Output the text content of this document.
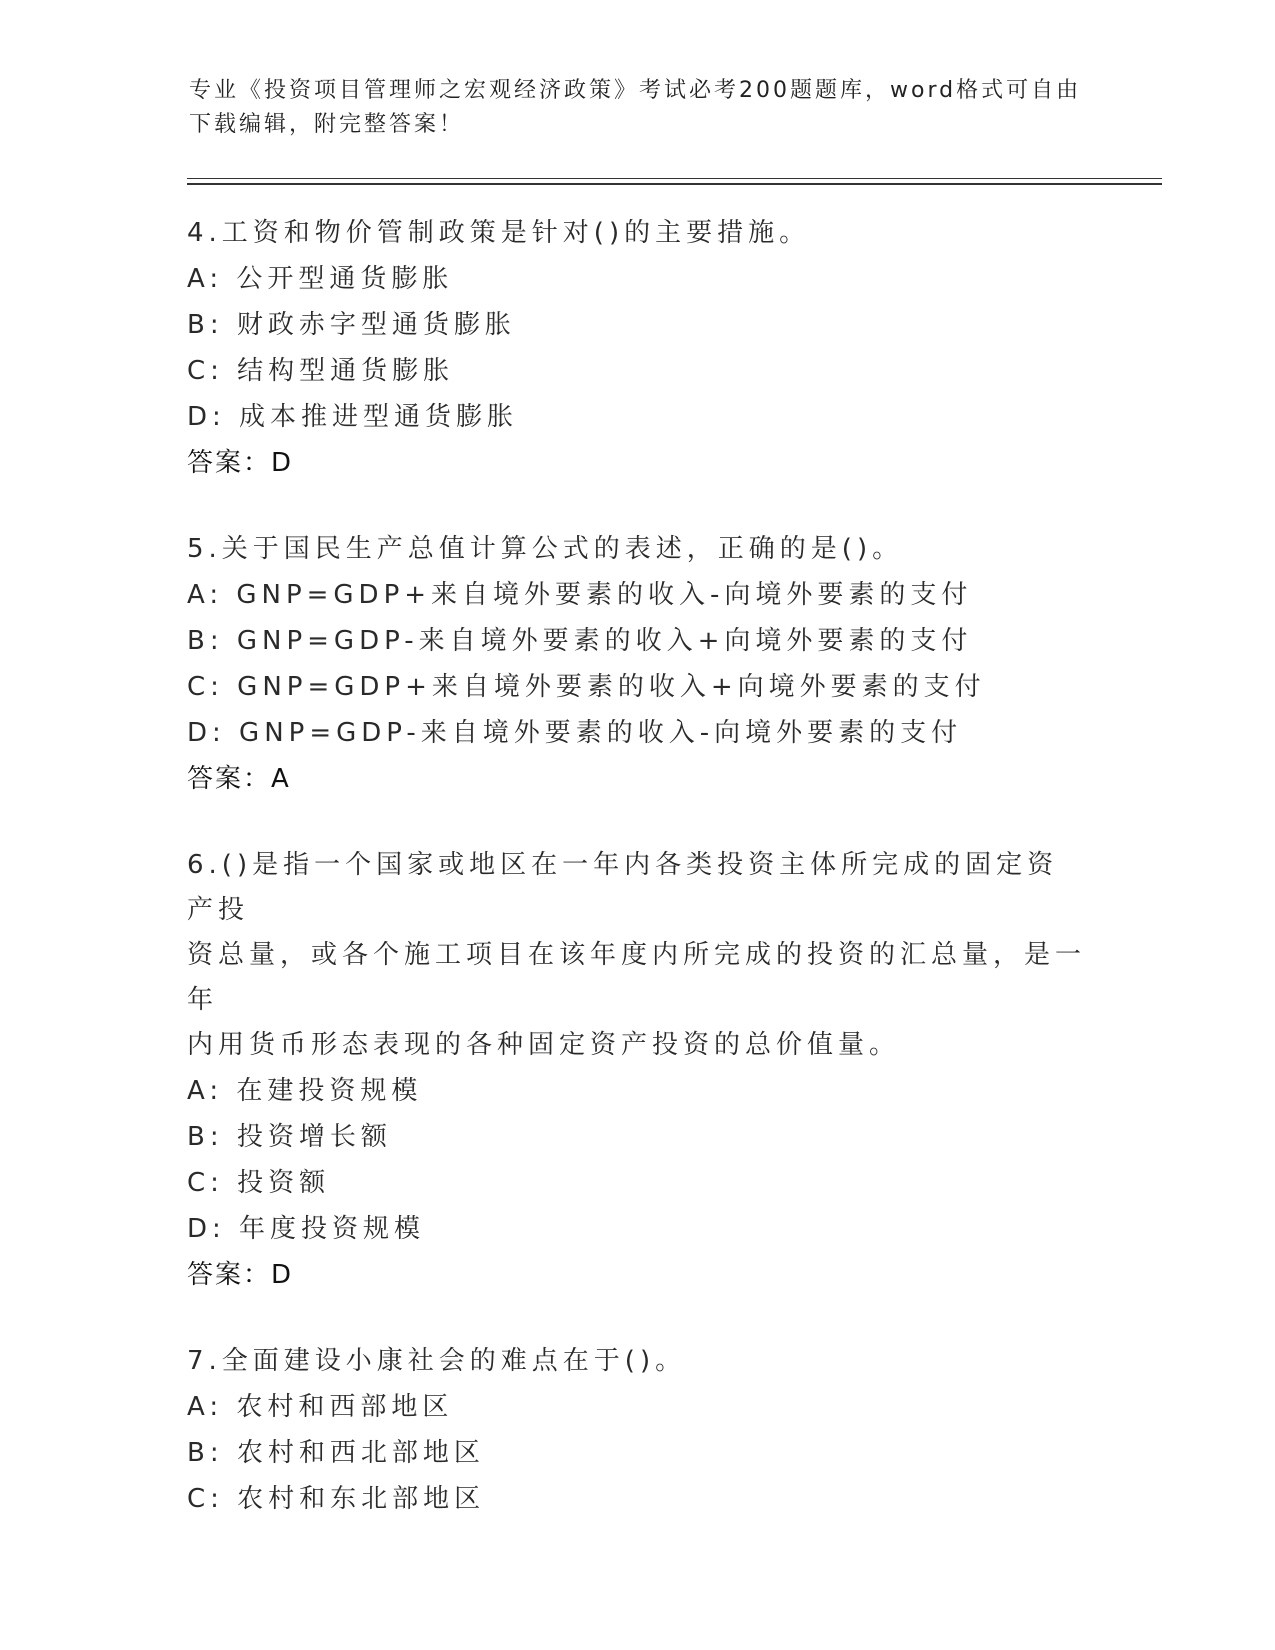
专业《投资项目管理师之宏观经济政策》考试必考200题题库，word格式可自由
下载编辑，附完整答案！
4.工资和物价管制政策是针对()的主要措施。
A: 公开型通货膨胀
B: 财政赤字型通货膨胀
C: 结构型通货膨胀
D: 成本推进型通货膨胀
答案：D
5.关于国民生产总值计算公式的表述，正确的是()。
A: GNP=GDP+来自境外要素的收入-向境外要素的支付
B: GNP=GDP-来自境外要素的收入+向境外要素的支付
C: GNP=GDP+来自境外要素的收入+向境外要素的支付
D: GNP=GDP-来自境外要素的收入-向境外要素的支付
答案：A
6.()是指一个国家或地区在一年内各类投资主体所完成的固定资产投
资总量，或各个施工项目在该年度内所完成的投资的汇总量，是一年
内用货币形态表现的各种固定资产投资的总价值量。
A: 在建投资规模
B: 投资增长额
C: 投资额
D: 年度投资规模
答案：D
7.全面建设小康社会的难点在于()。
A: 农村和西部地区
B: 农村和西北部地区
C: 农村和东北部地区
